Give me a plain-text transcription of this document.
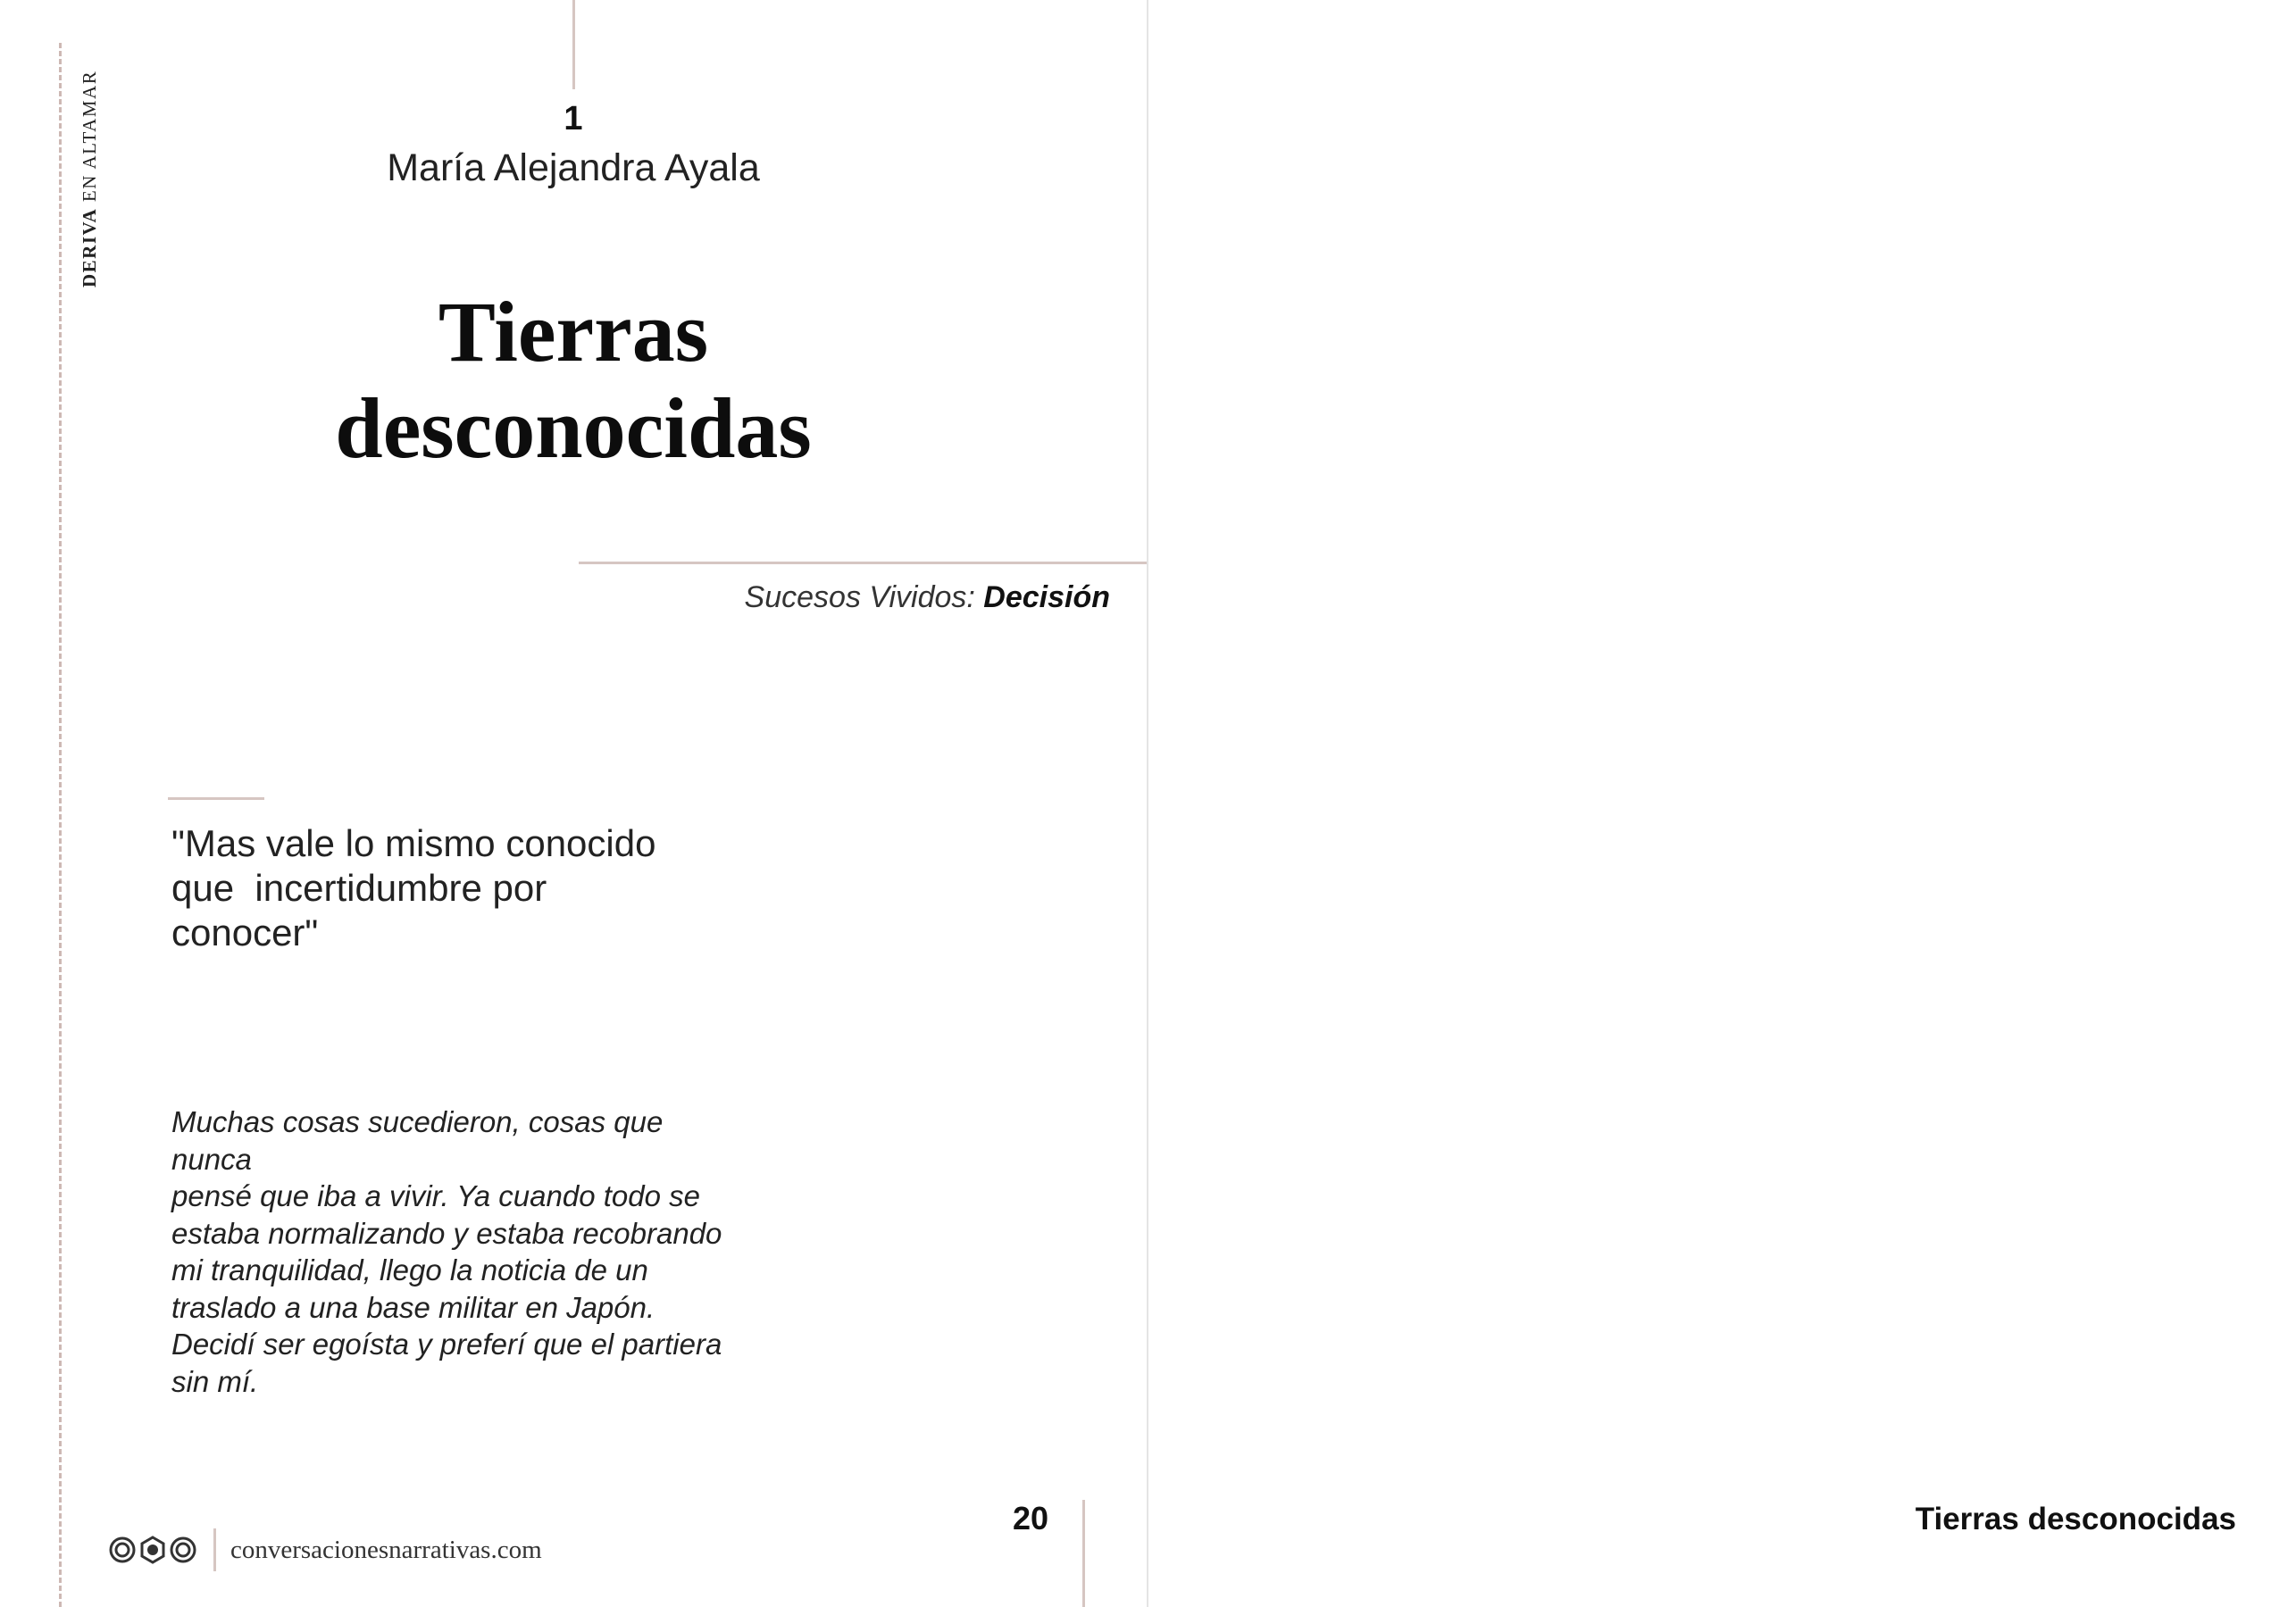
DERIVA EN ALTAMAR	1
María Alejandra Ayala
Tierras
desconocidas
Sucesos Vividos: Decisión
"Mas vale lo mismo conocido
que  incertidumbre por
conocer"
Muchas cosas sucedieron, cosas que nunca
pensé que iba a vivir. Ya cuando todo se
estaba normalizando y estaba recobrando
mi tranquilidad, llego la noticia de un
traslado a una base militar en Japón.
Decidí ser egoísta y preferí que el partiera
sin mí.
conversacionesnarrativas.com
20	Tierras desconocidas
